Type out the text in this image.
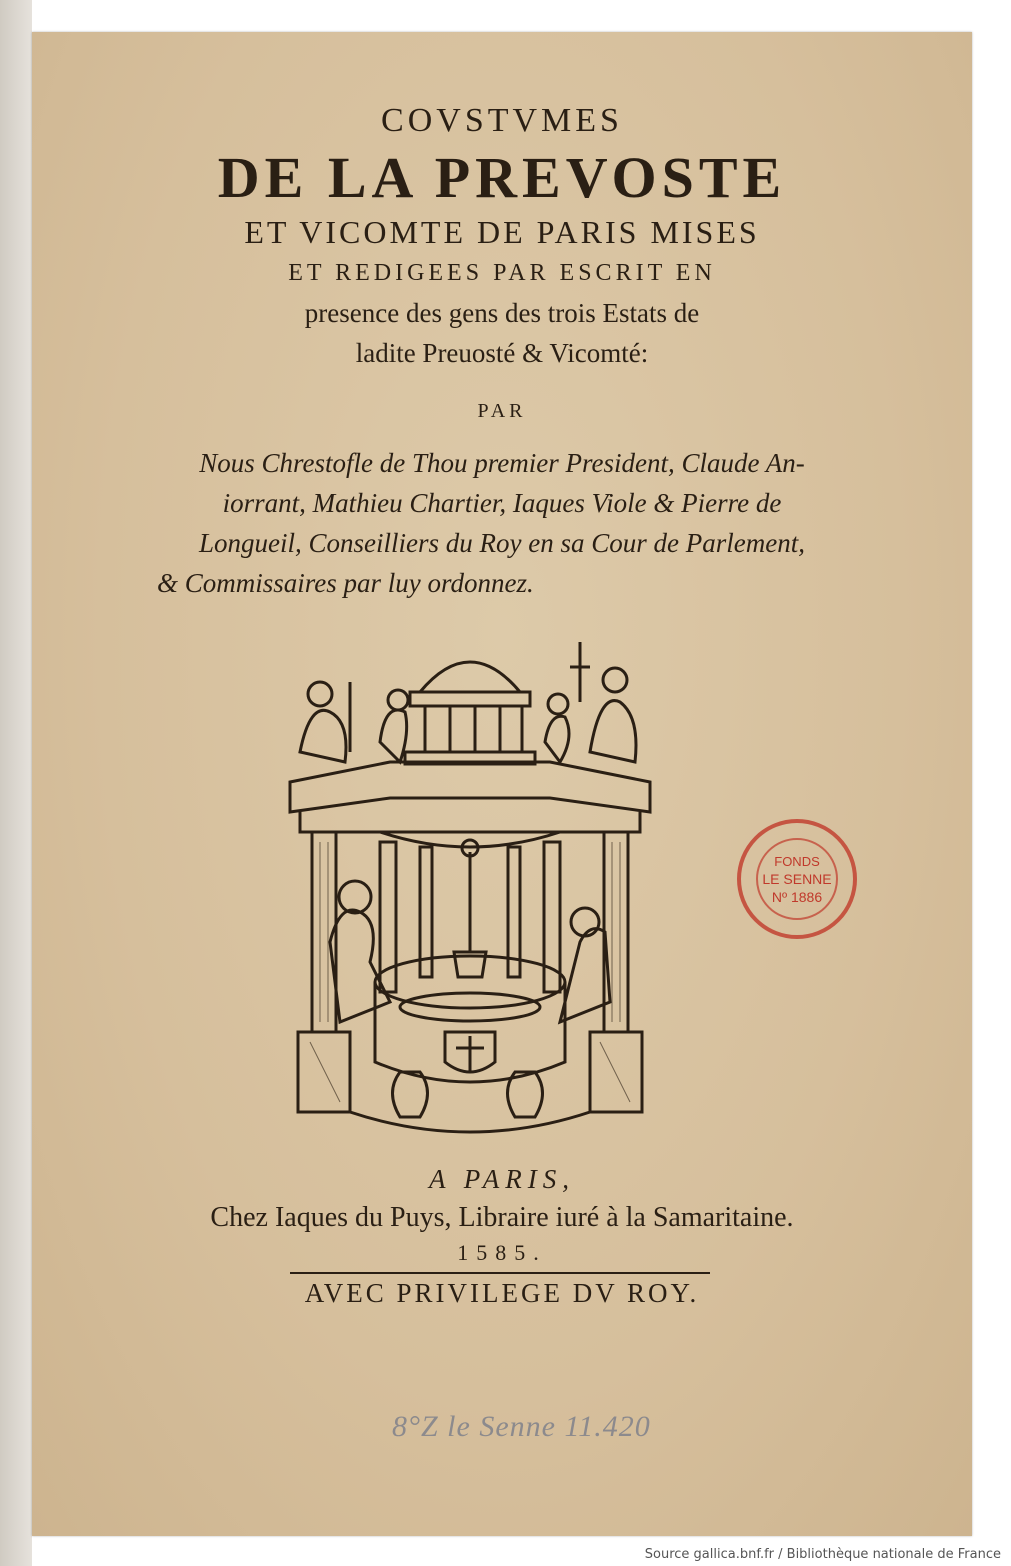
COVSTVMES
DE LA PREVOSTE
ET VICOMTE DE PARIS MISES
ET REDIGEES PAR ESCRIT EN
presence des gens des trois Estats de
ladite Preuosté & Vicomté:
PAR
Nous Chrestofle de Thou premier President, Claude An-
iorrant, Mathieu Chartier, Iaques Viole & Pierre de
Longueil, Conseilliers du Roy en sa Cour de Parlement,
& Commissaires par luy ordonnez.
A PARIS,
Chez Iaques du Puys, Libraire iuré à la Samaritaine.
1585.
AVEC PRIVILEGE DV ROY.
FONDS
LE SENNE
Nº 1886
8°Z le Senne 11.420
Source gallica.bnf.fr / Bibliothèque nationale de France
